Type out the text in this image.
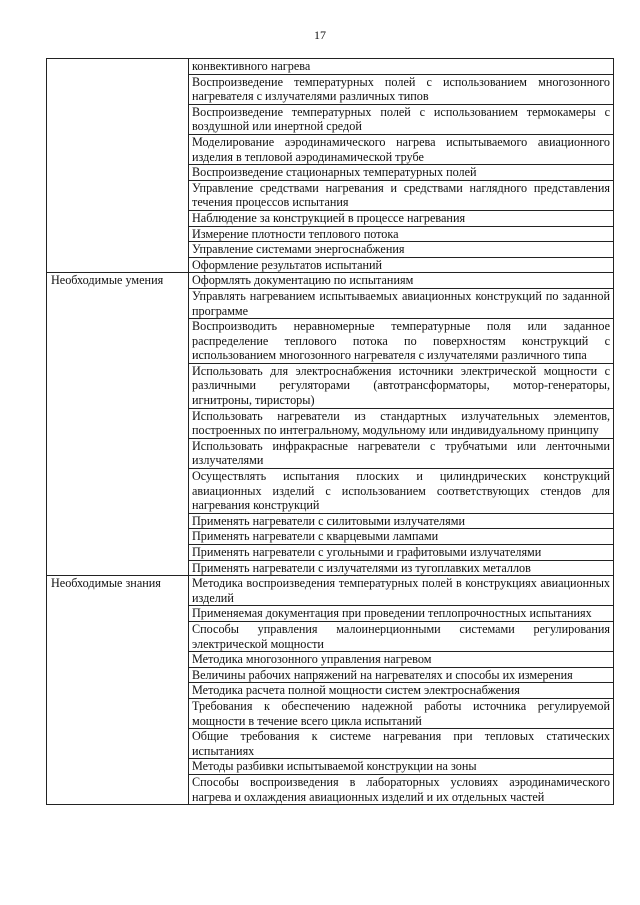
17
	конвективного нагрева
	Воспроизведение температурных полей с использованием многозонного нагревателя с излучателями различных типов
	Воспроизведение температурных полей с использованием термокамеры с воздушной или инертной средой
	Моделирование аэродинамического нагрева испытываемого авиационного изделия в тепловой аэродинамической трубе
	Воспроизведение стационарных температурных полей
	Управление средствами нагревания и средствами наглядного представления течения процессов испытания
	Наблюдение за конструкцией в процессе нагревания
	Измерение плотности теплового потока
	Управление системами энергоснабжения
	Оформление результатов испытаний
Необходимые умения	Оформлять документацию по испытаниям
	Управлять нагреванием испытываемых авиационных конструкций по заданной программе
	Воспроизводить неравномерные температурные поля или заданное распределение теплового потока по поверхностям конструкций с использованием многозонного нагревателя с излучателями различного типа
	Использовать для электроснабжения источники электрической мощности с различными регуляторами (автотрансформаторы, мотор-генераторы, игнитроны, тиристоры)
	Использовать нагреватели из стандартных излучательных элементов, построенных по интегральному, модульному или индивидуальному принципу
	Использовать инфракрасные нагреватели с трубчатыми или ленточными излучателями
	Осуществлять испытания плоских и цилиндрических конструкций авиационных изделий с использованием соответствующих стендов для нагревания конструкций
	Применять нагреватели с силитовыми излучателями
	Применять нагреватели с кварцевыми лампами
	Применять нагреватели с угольными и графитовыми излучателями
	Применять нагреватели с излучателями из тугоплавких металлов
Необходимые знания	Методика воспроизведения температурных полей в конструкциях авиационных изделий
	Применяемая документация при проведении теплопрочностных испытаниях
	Способы управления малоинерционными системами регулирования электрической мощности
	Методика многозонного управления нагревом
	Величины рабочих напряжений на нагревателях и способы их измерения
	Методика расчета полной мощности систем электроснабжения
	Требования к обеспечению надежной работы источника регулируемой мощности в течение всего цикла испытаний
	Общие требования к системе нагревания при тепловых статических испытаниях
	Методы разбивки испытываемой конструкции на зоны
	Способы воспроизведения в лабораторных условиях аэродинамического нагрева и охлаждения авиационных изделий и их отдельных частей
